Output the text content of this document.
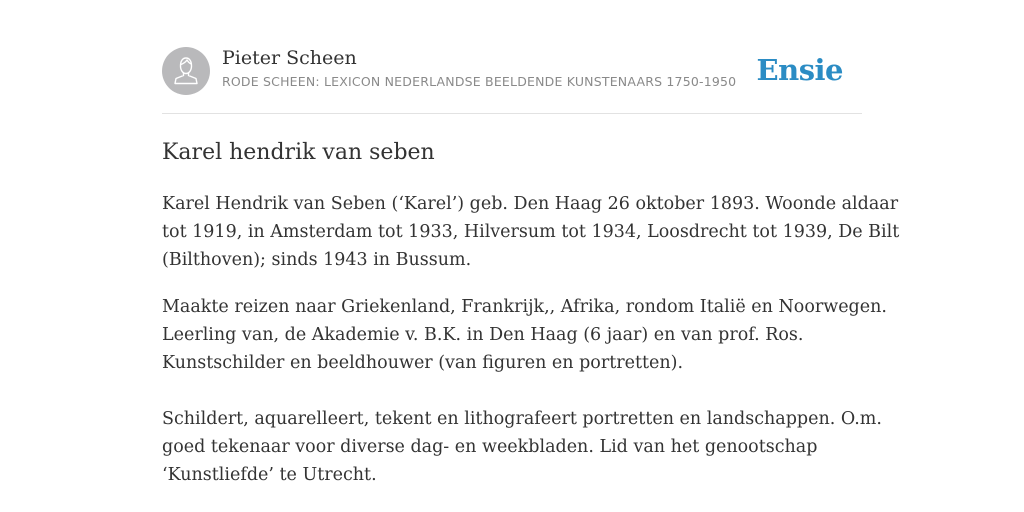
Pieter Scheen
RODE SCHEEN: LEXICON NEDERLANDSE BEELDENDE KUNSTENAARS 1750-1950 Ensie
Karel hendrik van seben

Karel Hendrik van Seben (‘Karel’) geb. Den Haag 26 oktober 1893. Woonde aldaar

tot 1919, in Amsterdam tot 1933, Hilversum tot 1934, Loosdrecht tot 1939, De Bilt

(Bilthoven); sinds 1943 in Bussum.

Maakte reizen naar Griekenland, Frankrijk,, Afrika, rondom Italië en Noorwegen.

Leerling van, de Akademie v. B.K. in Den Haag (6 jaar) en van prof. Ros.

Kunstschilder en beeldhouwer (van figuren en portretten).

Schildert, aquarelleert, tekent en lithografeert portretten en landschappen. O.m.

goed tekenaar voor diverse dag- en weekbladen. Lid van het genootschap

‘Kunstliefde’ te Utrecht.
